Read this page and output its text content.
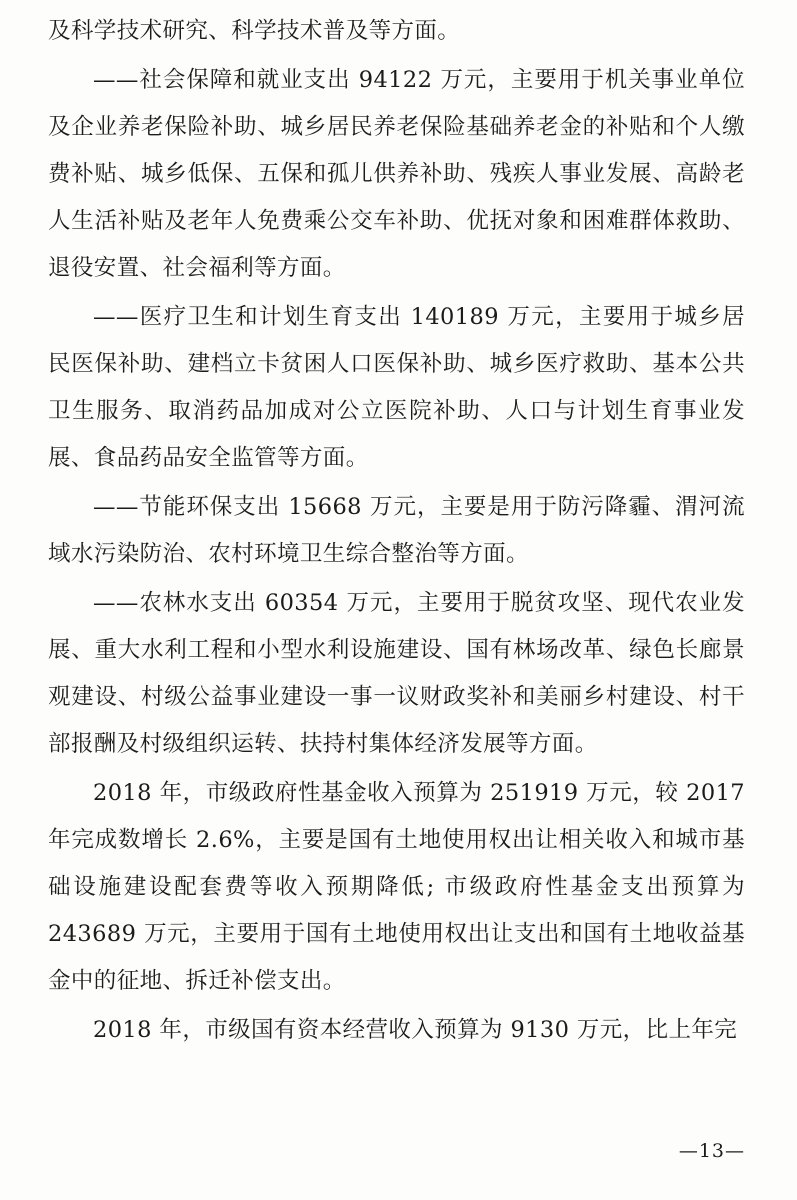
及科学技术研究、科学技术普及等方面。

——社会保障和就业支出 94122 万元，主要用于机关事业单位及企业养老保险补助、城乡居民养老保险基础养老金的补贴和个人缴费补贴、城乡低保、五保和孤儿供养补助、残疾人事业发展、高龄老人生活补贴及老年人免费乘公交车补助、优抚对象和困难群体救助、退役安置、社会福利等方面。

——医疗卫生和计划生育支出 140189 万元，主要用于城乡居民医保补助、建档立卡贫困人口医保补助、城乡医疗救助、基本公共卫生服务、取消药品加成对公立医院补助、人口与计划生育事业发展、食品药品安全监管等方面。

——节能环保支出 15668 万元，主要是用于防污降霾、渭河流域水污染防治、农村环境卫生综合整治等方面。

——农林水支出 60354 万元，主要用于脱贫攻坚、现代农业发展、重大水利工程和小型水利设施建设、国有林场改革、绿色长廊景观建设、村级公益事业建设一事一议财政奖补和美丽乡村建设、村干部报酬及村级组织运转、扶持村集体经济发展等方面。

2018 年，市级政府性基金收入预算为 251919 万元，较 2017 年完成数增长 2.6%，主要是国有土地使用权出让相关收入和城市基础设施建设配套费等收入预期降低; 市级政府性基金支出预算为 243689 万元，主要用于国有土地使用权出让支出和国有土地收益基金中的征地、拆迁补偿支出。

2018 年，市级国有资本经营收入预算为 9130 万元，比上年完

—13—
